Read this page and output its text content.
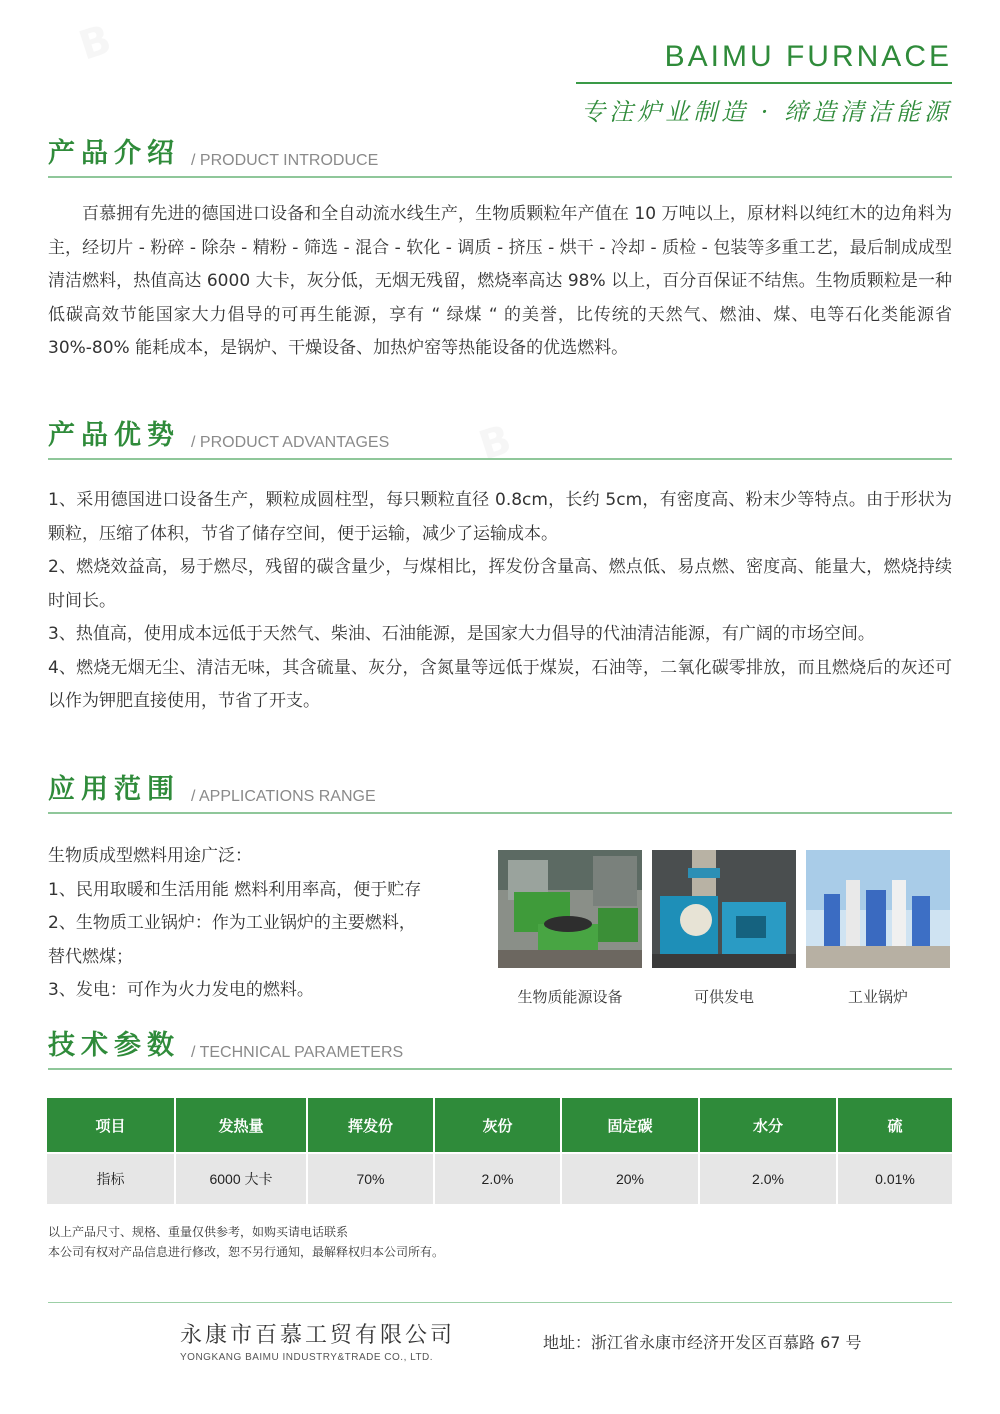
BAIMU FURNACE
专注炉业制造 · 缔造清洁能源
产品介绍 / PRODUCT INTRODUCE

百慕拥有先进的德国进口设备和全自动流水线生产，生物质颗粒年产值在 10 万吨以上，原材料以纯红木的边角料为主，经切片 - 粉碎 - 除杂 - 精粉 - 筛选 - 混合 - 软化 - 调质 - 挤压 - 烘干 - 冷却 - 质检 - 包装等多重工艺，最后制成成型清洁燃料，热值高达 6000 大卡，灰分低，无烟无残留，燃烧率高达 98% 以上，百分百保证不结焦。生物质颗粒是一种低碳高效节能国家大力倡导的可再生能源，享有 “ 绿煤 “ 的美誉，比传统的天然气、燃油、煤、电等石化类能源省 30%-80% 能耗成本，是锅炉、干燥设备、加热炉窑等热能设备的优选燃料。

产品优势 / PRODUCT ADVANTAGES

1、采用德国进口设备生产，颗粒成圆柱型，每只颗粒直径 0.8cm，长约 5cm，有密度高、粉末少等特点。由于形状为颗粒，压缩了体积，节省了储存空间，便于运输，减少了运输成本。

2、燃烧效益高，易于燃尽，残留的碳含量少，与煤相比，挥发份含量高、燃点低、易点燃、密度高、能量大，燃烧持续时间长。

3、热值高，使用成本远低于天然气、柴油、石油能源，是国家大力倡导的代油清洁能源，有广阔的市场空间。

4、燃烧无烟无尘、清洁无味，其含硫量、灰分，含氮量等远低于煤炭，石油等，二氧化碳零排放，而且燃烧后的灰还可以作为钾肥直接使用，节省了开支。

应用范围 / APPLICATIONS RANGE
生物质成型燃料用途广泛：
1、民用取暖和生活用能 燃料利用率高，便于贮存
2、生物质工业锅炉：作为工业锅炉的主要燃料，
替代燃煤；
3、发电：可作为火力发电的燃料。	生物质能源设备	可供发电	工业锅炉
技术参数 / TECHNICAL PARAMETERS
项目	发热量	挥发份	灰份	固定碳	水分	硫

指标	6000 大卡	70%	2.0%	20%	2.0%	0.01%
以上产品尺寸、规格、重量仅供参考，如购买请电话联系
本公司有权对产品信息进行修改，恕不另行通知，最解释权归本公司所有。
永康市百慕工贸有限公司
YONGKANG BAIMU INDUSTRY&TRADE CO., LTD.
地址：浙江省永康市经济开发区百慕路 67 号
